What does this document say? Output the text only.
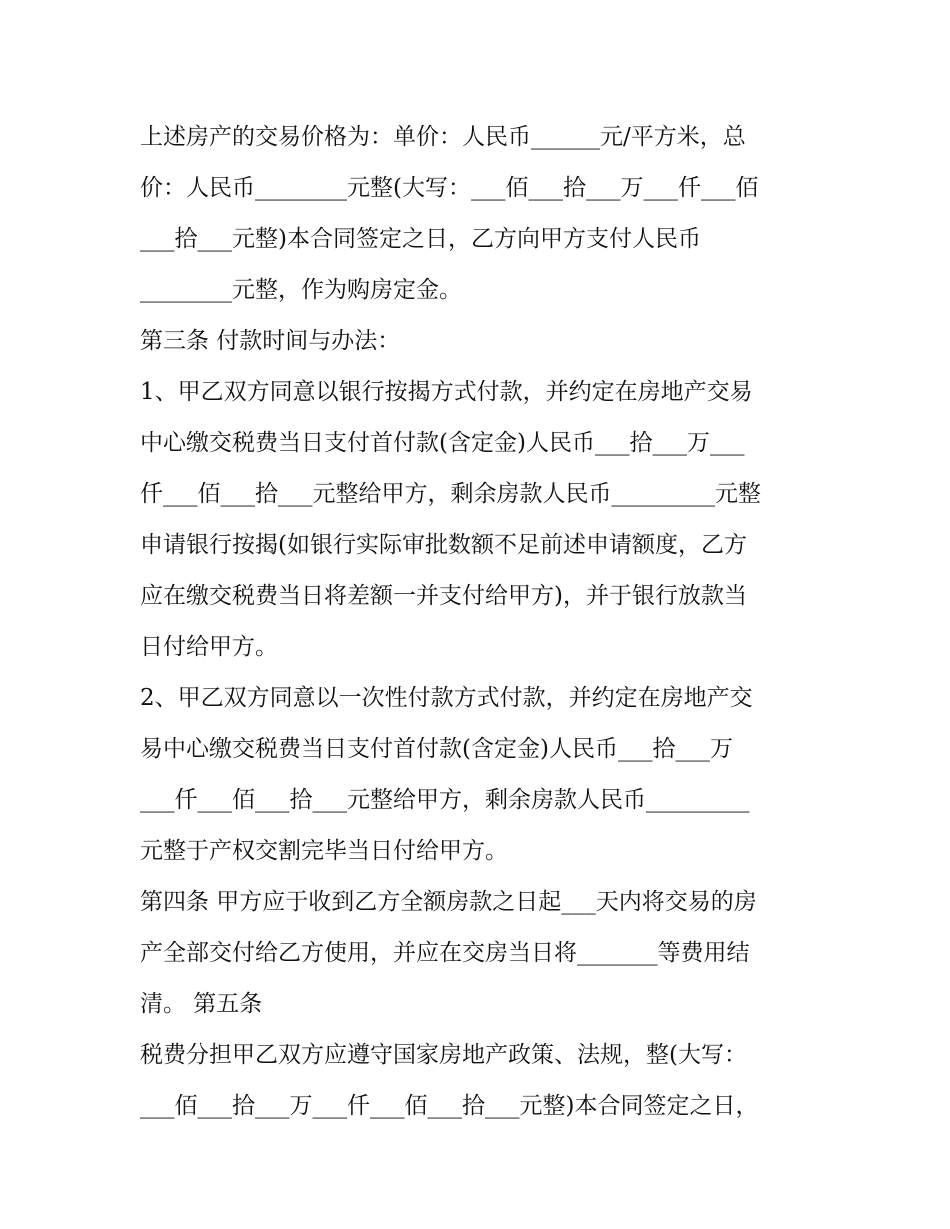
上述房产的交易价格为：单价：人民币______元/平方米，总
价：人民币________元整(大写：___佰___拾___万___仟___佰
___拾___元整)本合同签定之日，乙方向甲方支付人民币
________元整，作为购房定金。
第三条 付款时间与办法：
1、甲乙双方同意以银行按揭方式付款，并约定在房地产交易
中心缴交税费当日支付首付款(含定金)人民币___拾___万___
仟___佰___拾___元整给甲方，剩余房款人民币_________元整
申请银行按揭(如银行实际审批数额不足前述申请额度，乙方
应在缴交税费当日将差额一并支付给甲方)，并于银行放款当
日付给甲方。
2、甲乙双方同意以一次性付款方式付款，并约定在房地产交
易中心缴交税费当日支付首付款(含定金)人民币___拾___万
___仟___佰___拾___元整给甲方，剩余房款人民币_________
元整于产权交割完毕当日付给甲方。
第四条 甲方应于收到乙方全额房款之日起___天内将交易的房
产全部交付给乙方使用，并应在交房当日将_______等费用结
清。 第五条
税费分担甲乙双方应遵守国家房地产政策、法规，整(大写：
___佰___拾___万___仟___佰___拾___元整)本合同签定之日，
